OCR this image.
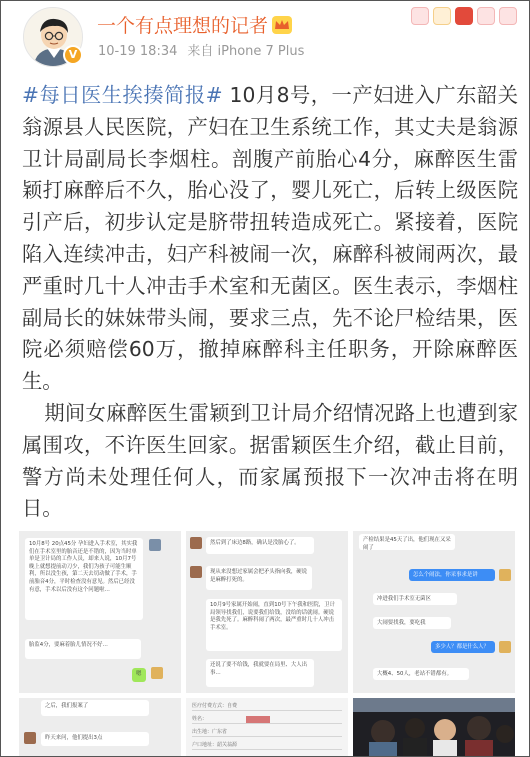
V
一个有点理想的记者
10-19 18:34 来自 iPhone 7 Plus

#每日医生挨揍简报# 10月8号，一产妇进入广东韶关翁源县人民医院，产妇在卫生系统工作，其丈夫是翁源卫计局副局长李烟柱。剖腹产前胎心4分，麻醉医生雷颖打麻醉后不久，胎心没了，婴儿死亡，后转上级医院引产后，初步认定是脐带扭转造成死亡。紧接着，医院陷入连续冲击，妇产科被闹一次，麻醉科被闹两次，最严重时几十人冲击手术室和无菌区。医生表示，李烟柱副局长的妹妹带头闹，要求三点，先不论尸检结果，医院必须赔偿60万，撤掉麻醉科主任职务，开除麻醉医生。

期间女麻醉医生雷颖到卫计局介绍情况路上也遭到家属围攻，不许医生回家。据雷颖医生介绍，截止目前，警方尚未处理任何人，而家属预报下一次冲击将在明日。

10月8号 20点45分 孕妇进入手术室，其实我们在手术室里的胎音还是不错的，因为当时单单是卫计局的工作人员，却来人说，10月7号晚上就想提前动刀少，我们为孩子可能生顺利，所以没生孩，第二天去切动做了手术，手前胎音4分，平时检查没有意见。然后已经没有意，手术以后没有这个问题啦…
胎监4分，要麻着胎儿情况不好…
嗯
然后到了床边8路，确认是没胎心了。
现从来没想过家属会把矛头指向我，硬说是麻醉打死的。
10月9号家属开始闹，直到10号下午我和医院，卫计局领导找我们，说要我们给钱，没给的话就闹。硬说是我先死了。麻醉科闹了两次，最严重时几十人冲击手术室。
还说了要不给钱，我就要在局里、大人出事…
产检结果是45天了出，他们现在又采闹了
怎么个闹法，你采事求是讲
冲进我们手术室无菌区
大闹要找我，要吃我
多少人？都是什么人？
大概4、50人，老站不错都有。
之后，我们报案了
昨天来问，他们提出3点
医疗付费方式：自费
姓名：
出生地：广东省
户口地址：韶关翁源
